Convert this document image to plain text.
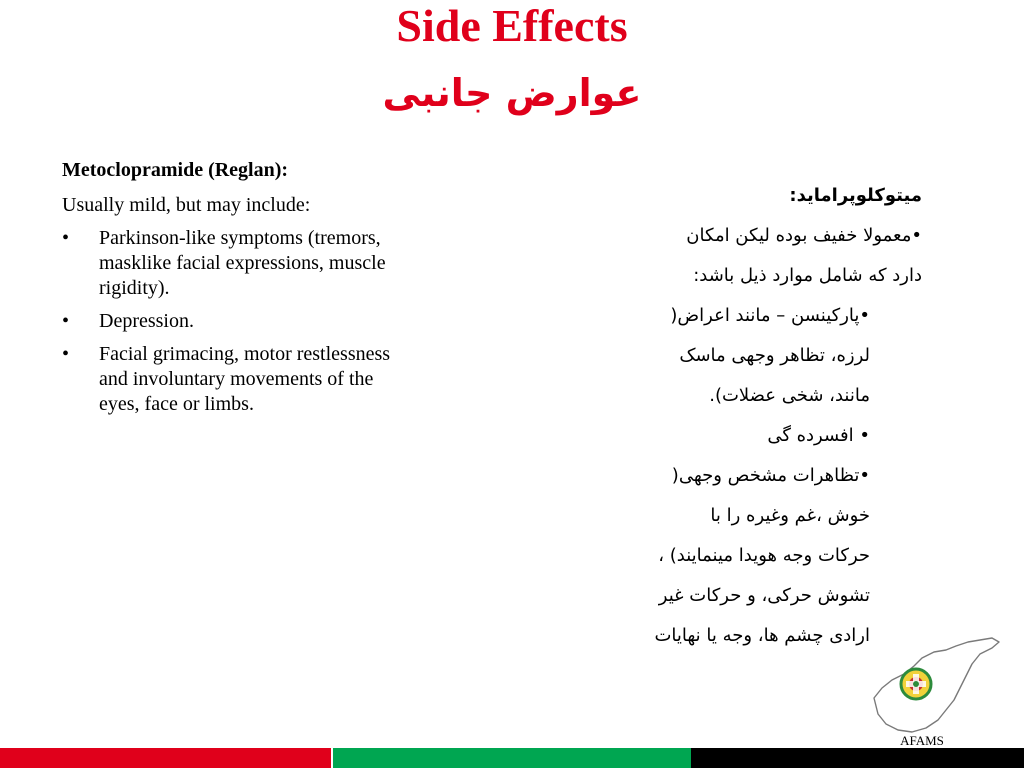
Side Effects
عوارض جانبی
Metoclopramide (Reglan):
Usually mild, but may include:
• Parkinson-like symptoms (tremors, masklike facial expressions, muscle rigidity).
• Depression.
• Facial grimacing, motor restlessness and involuntary movements of the eyes, face or limbs.
میتوکلوپرامايد:
•معمولا خفیف بوده لیکن امکان
دارد که شامل موارد ذیل باشد:
•پارکینسن – مانند اعراض(
لرزه، تظاهر وجهی ماسک
مانند، شخی عضلات).
• افسرده گی
•تظاهرات مشخص وجهی(
خوش ،غم وغیره را با
حرکات وجه هویدا مینمایند) ،
تشوش حرکی، و حرکات غیر
ارادی چشم ها، وجه یا نهایات
AFAMS
